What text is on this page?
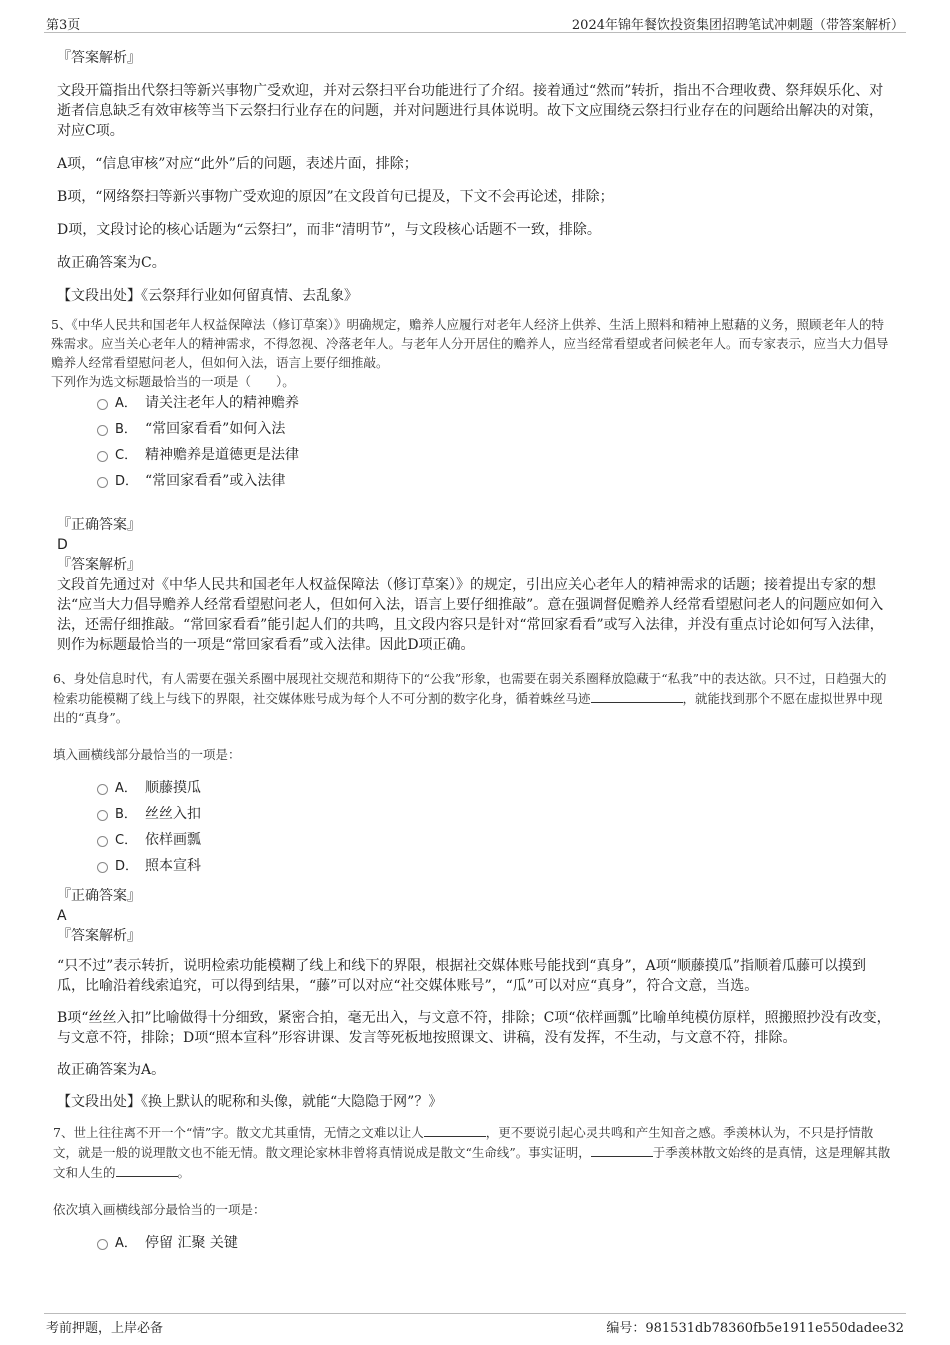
第3页	2024年锦年餐饮投资集团招聘笔试冲刺题（带答案解析）

『答案解析』

文段开篇指出代祭扫等新兴事物广受欢迎，并对云祭扫平台功能进行了介绍。接着通过“然而”转折，指出不合理收费、祭拜娱乐化、对逝者信息缺乏有效审核等当下云祭扫行业存在的问题，并对问题进行具体说明。故下文应围绕云祭扫行业存在的问题给出解决的对策，对应C项。

A项，“信息审核”对应“此外”后的问题，表述片面，排除；

B项，“网络祭扫等新兴事物广受欢迎的原因”在文段首句已提及，下文不会再论述，排除；

D项，文段讨论的核心话题为“云祭扫”，而非“清明节”，与文段核心话题不一致，排除。

故正确答案为C。

【文段出处】《云祭拜行业如何留真情、去乱象》

5、《中华人民共和国老年人权益保障法（修订草案）》明确规定，赡养人应履行对老年人经济上供养、生活上照料和精神上慰藉的义务，照顾老年人的特殊需求。应当关心老年人的精神需求，不得忽视、冷落老年人。与老年人分开居住的赡养人，应当经常看望或者问候老年人。而专家表示，应当大力倡导赡养人经常看望慰问老人，但如何入法，语言上要仔细推敲。

下列作为选文标题最恰当的一项是（　　）。

A． 请关注老年人的精神赡养
B． “常回家看看”如何入法
C． 精神赡养是道德更是法律
D． “常回家看看”或入法律

『正确答案』

D

『答案解析』

文段首先通过对《中华人民共和国老年人权益保障法（修订草案）》的规定，引出应关心老年人的精神需求的话题；接着提出专家的想法“应当大力倡导赡养人经常看望慰问老人，但如何入法，语言上要仔细推敲”。意在强调督促赡养人经常看望慰问老人的问题应如何入法，还需仔细推敲。“常回家看看”能引起人们的共鸣，且文段内容只是针对“常回家看看”或写入法律，并没有重点讨论如何写入法律，则作为标题最恰当的一项是“常回家看看”或入法律。因此D项正确。

6、身处信息时代，有人需要在强关系圈中展现社交规范和期待下的“公我”形象，也需要在弱关系圈释放隐藏于“私我”中的表达欲。只不过，日趋强大的检索功能模糊了线上与线下的界限，社交媒体账号成为每个人不可分割的数字化身，循着蛛丝马迹	，就能找到那个不愿在虚拟世界中现出的“真身”。

填入画横线部分最恰当的一项是：

A． 顺藤摸瓜
B． 丝丝入扣
C． 依样画瓢
D． 照本宣科

『正确答案』

A

『答案解析』

“只不过”表示转折，说明检索功能模糊了线上和线下的界限，根据社交媒体账号能找到“真身”，A项“顺藤摸瓜”指顺着瓜藤可以摸到瓜，比喻沿着线索追究，可以得到结果，“藤”可以对应“社交媒体账号”，“瓜”可以对应“真身”，符合文意，当选。

B项“丝丝入扣”比喻做得十分细致，紧密合拍，毫无出入，与文意不符，排除；C项“依样画瓢”比喻单纯模仿原样，照搬照抄没有改变，与文意不符，排除；D项“照本宣科”形容讲课、发言等死板地按照课文、讲稿，没有发挥，不生动，与文意不符，排除。

故正确答案为A。

【文段出处】《换上默认的昵称和头像，就能“大隐隐于网”？》

7、世上往往离不开一个“情”字。散文尤其重情，无情之文难以让人	，更不要说引起心灵共鸣和产生知音之感。季羡林认为，不只是抒情散文，就是一般的说理散文也不能无情。散文理论家林非曾将真情说成是散文“生命线”。事实证明，	于季羡林散文始终的是真情，这是理解其散文和人生的	。

依次填入画横线部分最恰当的一项是：

A． 停留 汇聚 关键
考前押题，上岸必备	编号：981531db78360fb5e1911e550dadee32
